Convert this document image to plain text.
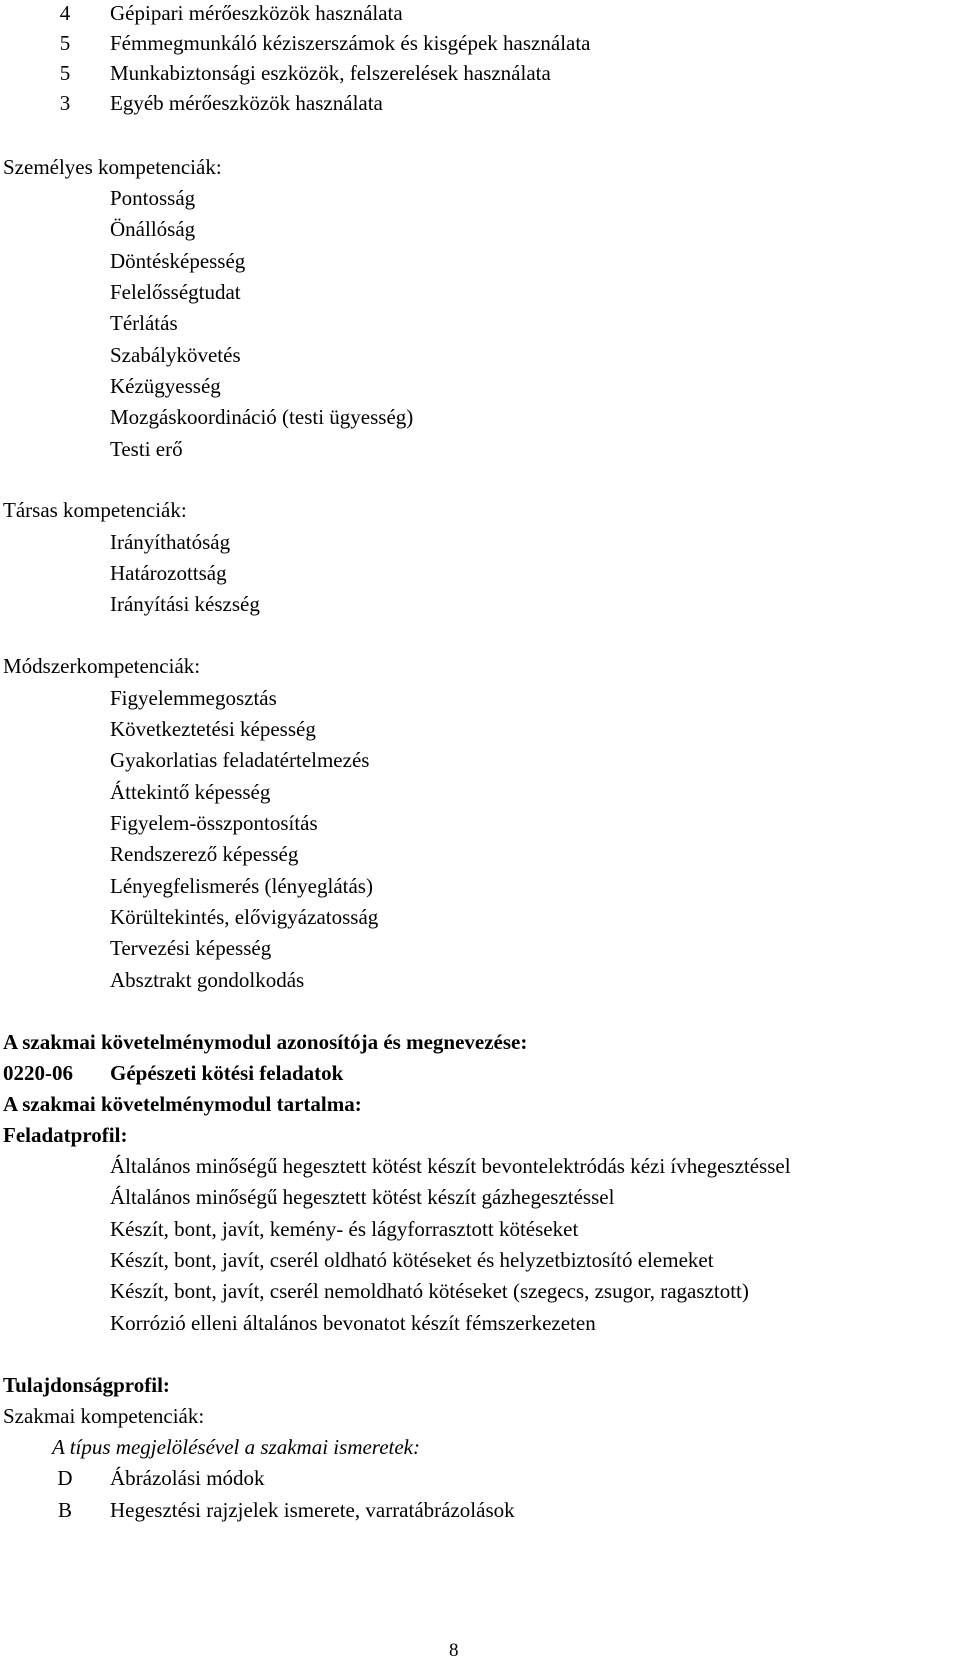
4	Gépipari mérőeszközök használata
5	Fémmegmunkáló kéziszerszámok és kisgépek használata
5	Munkabiztonsági eszközök, felszerelések használata
3	Egyéb mérőeszközök használata
Személyes kompetenciák:
Pontosság
Önállóság
Döntésképesség
Felelősségtudat
Térlátás
Szabálykövetés
Kézügyesség
Mozgáskoordináció (testi ügyesség)
Testi erő
Társas kompetenciák:
Irányíthatóság
Határozottság
Irányítási készség
Módszerkompetenciák:
Figyelemmegosztás
Következtetési képesség
Gyakorlatias feladatértelmezés
Áttekintő képesség
Figyelem-összpontosítás
Rendszerező képesség
Lényegfelismerés (lényeglátás)
Körültekintés, elővigyázatosság
Tervezési képesség
Absztrakt gondolkodás
A szakmai követelménymodul azonosítója és megnevezése:
0220-06 Gépészeti kötési feladatok
A szakmai követelménymodul tartalma:
Feladatprofil:
Általános minőségű hegesztett kötést készít bevontelektródás kézi ívhegesztéssel
Általános minőségű hegesztett kötést készít gázhegesztéssel
Készít, bont, javít, kemény- és lágyforrasztott kötéseket
Készít, bont, javít, cserél oldható kötéseket és helyzetbiztosító elemeket
Készít, bont, javít, cserél nemoldható kötéseket (szegecs, zsugor, ragasztott)
Korrózió elleni általános bevonatot készít fémszerkezeten
Tulajdonságprofil:
Szakmai kompetenciák:
A típus megjelölésével a szakmai ismeretek:
D	Ábrázolási módok
B	Hegesztési rajzjelek ismerete, varratábrázolások
8
